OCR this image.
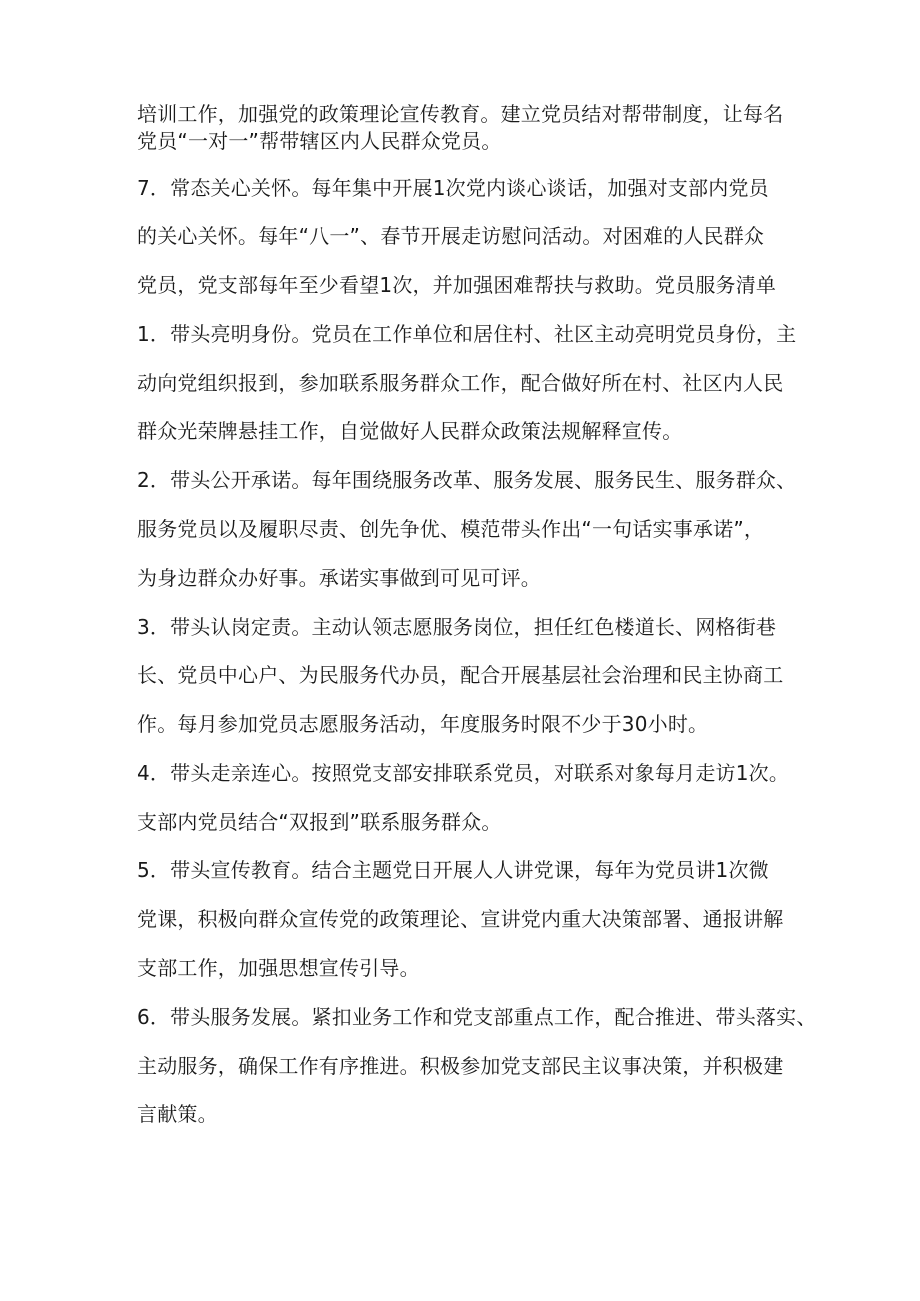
培训工作，加强党的政策理论宣传教育。建立党员结对帮带制度，让每名
党员“一对一”帮带辖区内人民群众党员。
7．常态关心关怀。每年集中开展1次党内谈心谈话，加强对支部内党员
的关心关怀。每年“八一”、春节开展走访慰问活动。对困难的人民群众
党员，党支部每年至少看望1次，并加强困难帮扶与救助。党员服务清单
1．带头亮明身份。党员在工作单位和居住村、社区主动亮明党员身份，主
动向党组织报到，参加联系服务群众工作，配合做好所在村、社区内人民
群众光荣牌悬挂工作，自觉做好人民群众政策法规解释宣传。
2．带头公开承诺。每年围绕服务改革、服务发展、服务民生、服务群众、
服务党员以及履职尽责、创先争优、模范带头作出“一句话实事承诺”，
为身边群众办好事。承诺实事做到可见可评。
3．带头认岗定责。主动认领志愿服务岗位，担任红色楼道长、网格街巷
长、党员中心户、为民服务代办员，配合开展基层社会治理和民主协商工
作。每月参加党员志愿服务活动，年度服务时限不少于30小时。
4．带头走亲连心。按照党支部安排联系党员，对联系对象每月走访1次。
支部内党员结合“双报到”联系服务群众。
5．带头宣传教育。结合主题党日开展人人讲党课，每年为党员讲1次微
党课，积极向群众宣传党的政策理论、宣讲党内重大决策部署、通报讲解
支部工作，加强思想宣传引导。
6．带头服务发展。紧扣业务工作和党支部重点工作，配合推进、带头落实、
主动服务，确保工作有序推进。积极参加党支部民主议事决策，并积极建
言献策。
